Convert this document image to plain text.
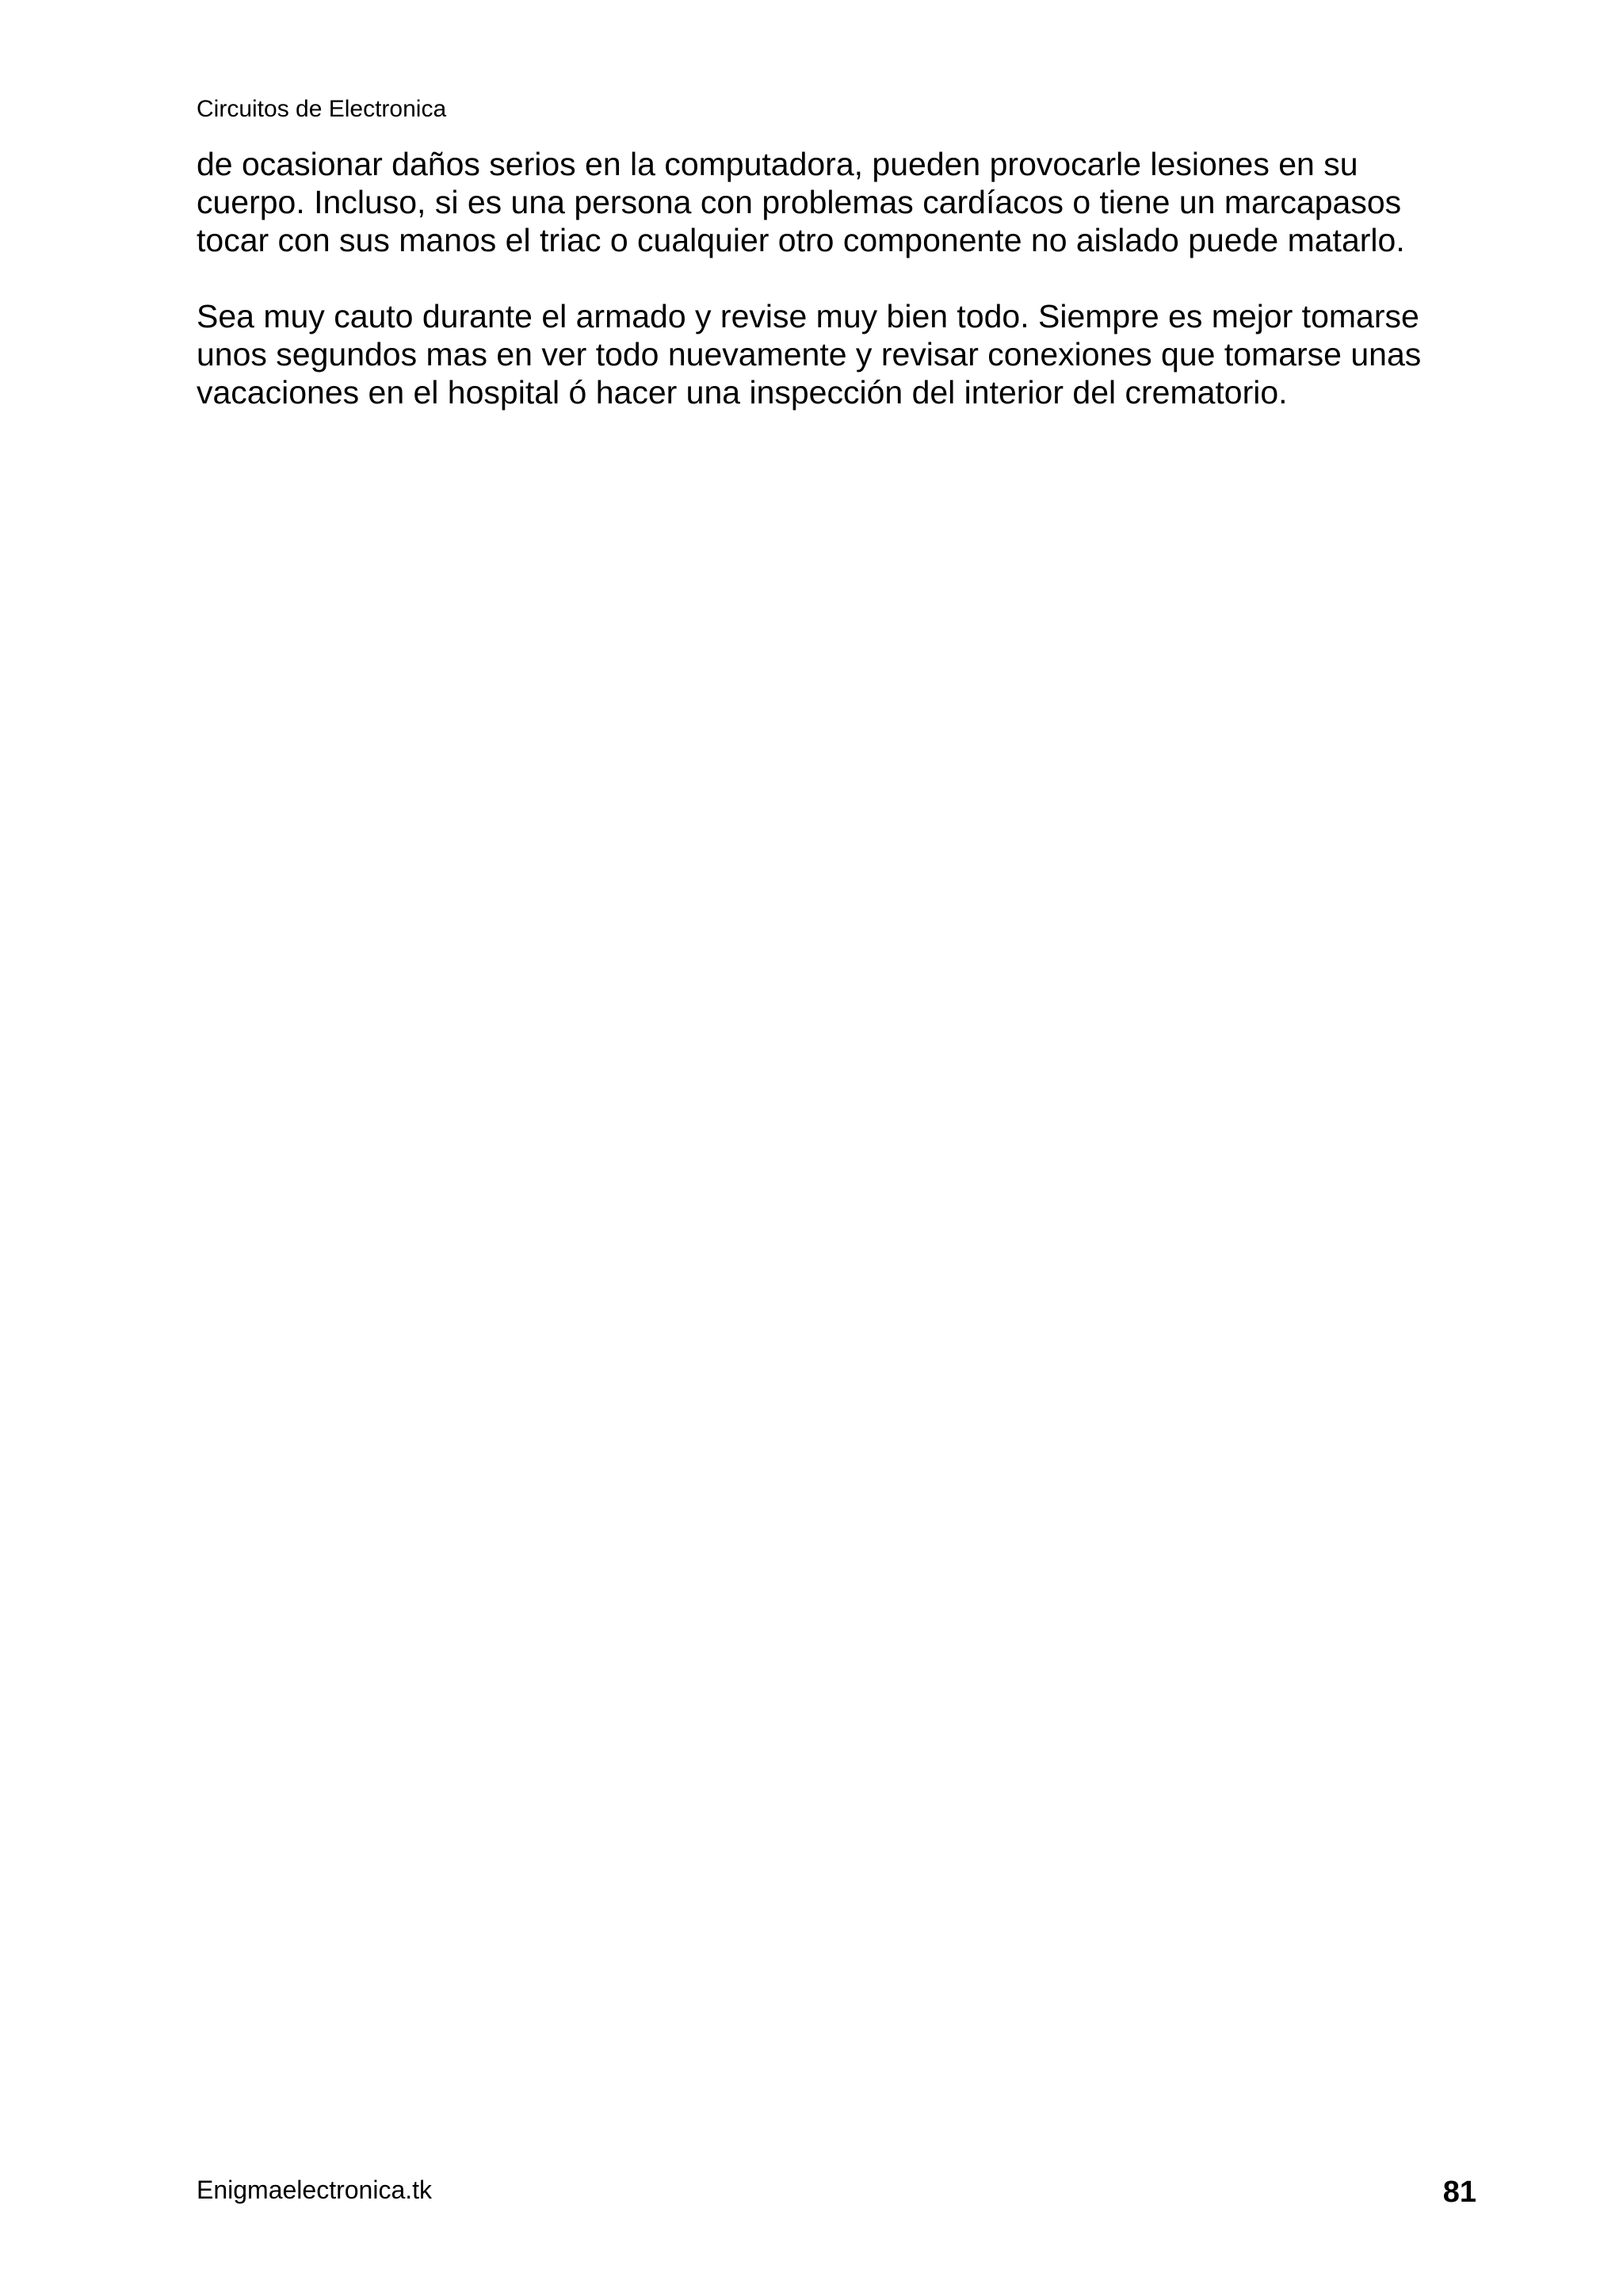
Circuitos de Electronica

de ocasionar daños serios en la computadora, pueden provocarle lesiones en su
cuerpo. Incluso, si es una persona con problemas cardíacos o tiene un marcapasos
tocar con sus manos el triac o cualquier otro componente no aislado puede matarlo.

Sea muy cauto durante el armado y revise muy bien todo. Siempre es mejor tomarse
unos segundos mas en ver todo nuevamente y revisar conexiones que tomarse unas
vacaciones en el hospital ó hacer una inspección del interior del crematorio.

Enigmaelectronica.tk	81
